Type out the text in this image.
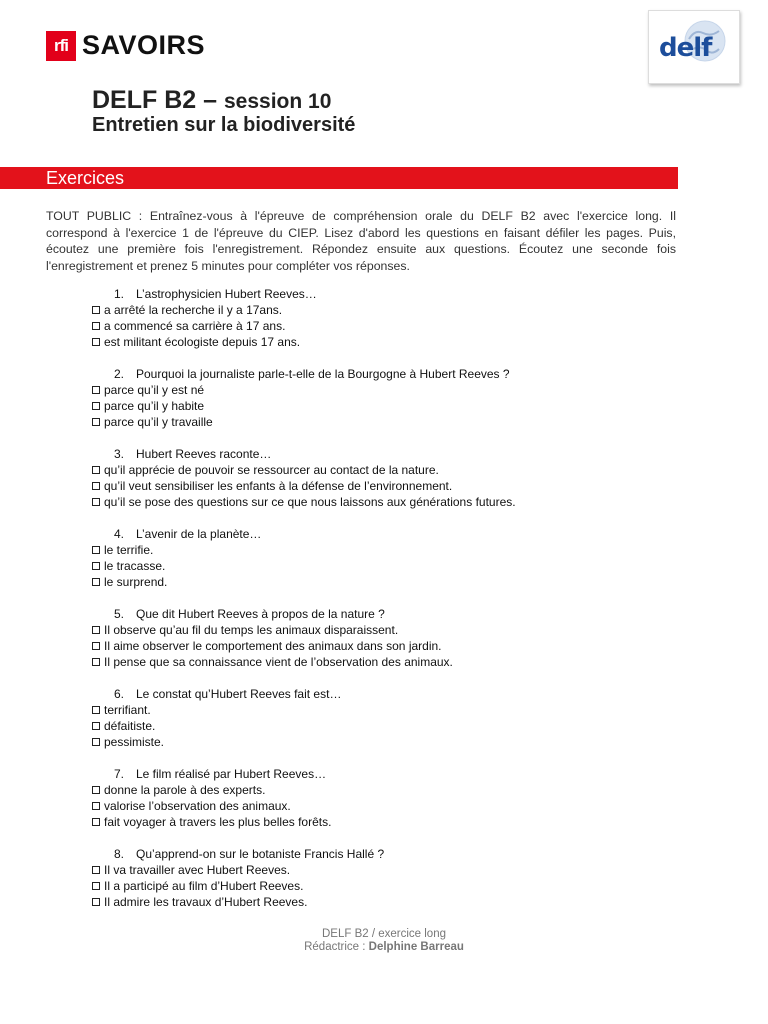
rfi SAVOIRS	delf
DELF B2 – session 10
Entretien sur la biodiversité
Exercices
TOUT PUBLIC : Entraînez-vous à l'épreuve de compréhension orale du DELF B2 avec l'exercice long. Il correspond à l'exercice 1 de l'épreuve du CIEP. Lisez d'abord les questions en faisant défiler les pages. Puis, écoutez une première fois l'enregistrement. Répondez ensuite aux questions. Écoutez une seconde fois l'enregistrement et prenez 5 minutes pour compléter vos réponses.
1. L’astrophysicien Hubert Reeves…
a arrêté la recherche il y a 17ans.
a commencé sa carrière à 17 ans.
est militant écologiste depuis 17 ans.
2. Pourquoi la journaliste parle-t-elle de la Bourgogne à Hubert Reeves ?
parce qu’il y est né
parce qu’il y habite
parce qu’il y travaille
3. Hubert Reeves raconte…
qu’il apprécie de pouvoir se ressourcer au contact de la nature.
qu’il veut sensibiliser les enfants à la défense de l’environnement.
qu’il se pose des questions sur ce que nous laissons aux générations futures.
4. L’avenir de la planète…
le terrifie.
le tracasse.
le surprend.
5. Que dit Hubert Reeves à propos de la nature ?
Il observe qu’au fil du temps les animaux disparaissent.
Il aime observer le comportement des animaux dans son jardin.
Il pense que sa connaissance vient de l’observation des animaux.
6. Le constat qu’Hubert Reeves fait est…
terrifiant.
défaitiste.
pessimiste.
7. Le film réalisé par Hubert Reeves…
donne la parole à des experts.
valorise l’observation des animaux.
fait voyager à travers les plus belles forêts.
8. Qu’apprend-on sur le botaniste Francis Hallé ?
Il va travailler avec Hubert Reeves.
Il a participé au film d’Hubert Reeves.
Il admire les travaux d’Hubert Reeves.
DELF B2 / exercice long
Rédactrice : Delphine Barreau
